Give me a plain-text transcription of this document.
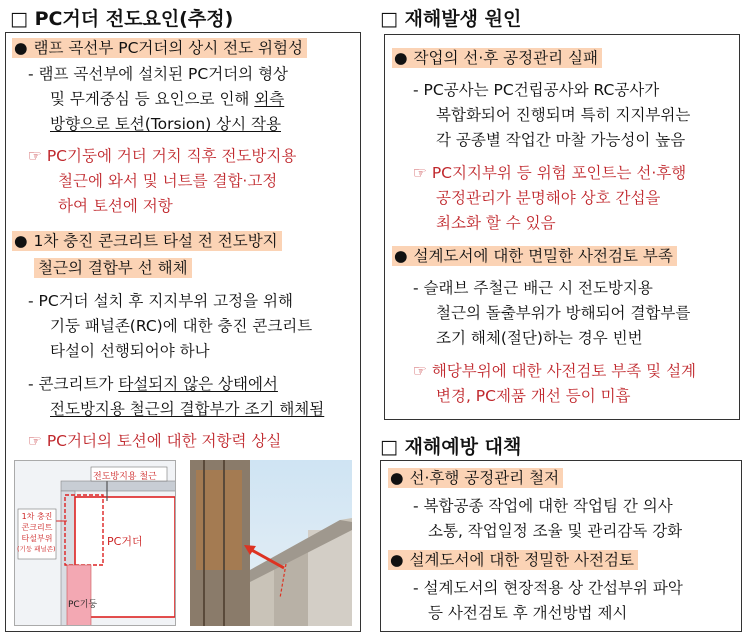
□ PC거더 전도요인(추정)
● 램프 곡선부 PC거더의 상시 전도 위험성
- 램프 곡선부에 설치된 PC거더의 형상
및 무게중심 등 요인으로 인해 외측
방향으로 토션(Torsion) 상시 작용
☞ PC기둥에 거더 거치 직후 전도방지용
철근에 와서 및 너트를 결합·고정
하여 토션에 저항
● 1차 충진 콘크리트 타설 전 전도방지
철근의 결합부 선 해체
- PC거더 설치 후 지지부위 고정을 위해
기둥 패널존(RC)에 대한 충진 콘크리트
타설이 선행되어야 하나
- 콘크리트가 타설되지 않은 상태에서
전도방지용 철근의 결합부가 조기 해체됨
☞ PC거더의 토션에 대한 저항력 상실
전도방지용 철근
PC거더
1차 충진
콘크리트
타설부위
(기둥 패널존)
PC기둥
□ 재해발생 원인
● 작업의 선·후 공정관리 실패
- PC공사는 PC건립공사와 RC공사가
복합화되어 진행되며 특히 지지부위는
각 공종별 작업간 마찰 가능성이 높음
☞ PC지지부위 등 위험 포인트는 선·후행
공정관리가 분명해야 상호 간섭을
최소화 할 수 있음
● 설계도서에 대한 면밀한 사전검토 부족
- 슬래브 주철근 배근 시 전도방지용
철근의 돌출부위가 방해되어 결합부를
조기 해체(절단)하는 경우 빈번
☞ 해당부위에 대한 사전검토 부족 및 설계
변경, PC제품 개선 등이 미흡
□ 재해예방 대책
● 선·후행 공정관리 철저
- 복합공종 작업에 대한 작업팀 간 의사
소통, 작업일정 조율 및 관리감독 강화
● 설계도서에 대한 정밀한 사전검토
- 설계도서의 현장적용 상 간섭부위 파악
등 사전검토 후 개선방법 제시
